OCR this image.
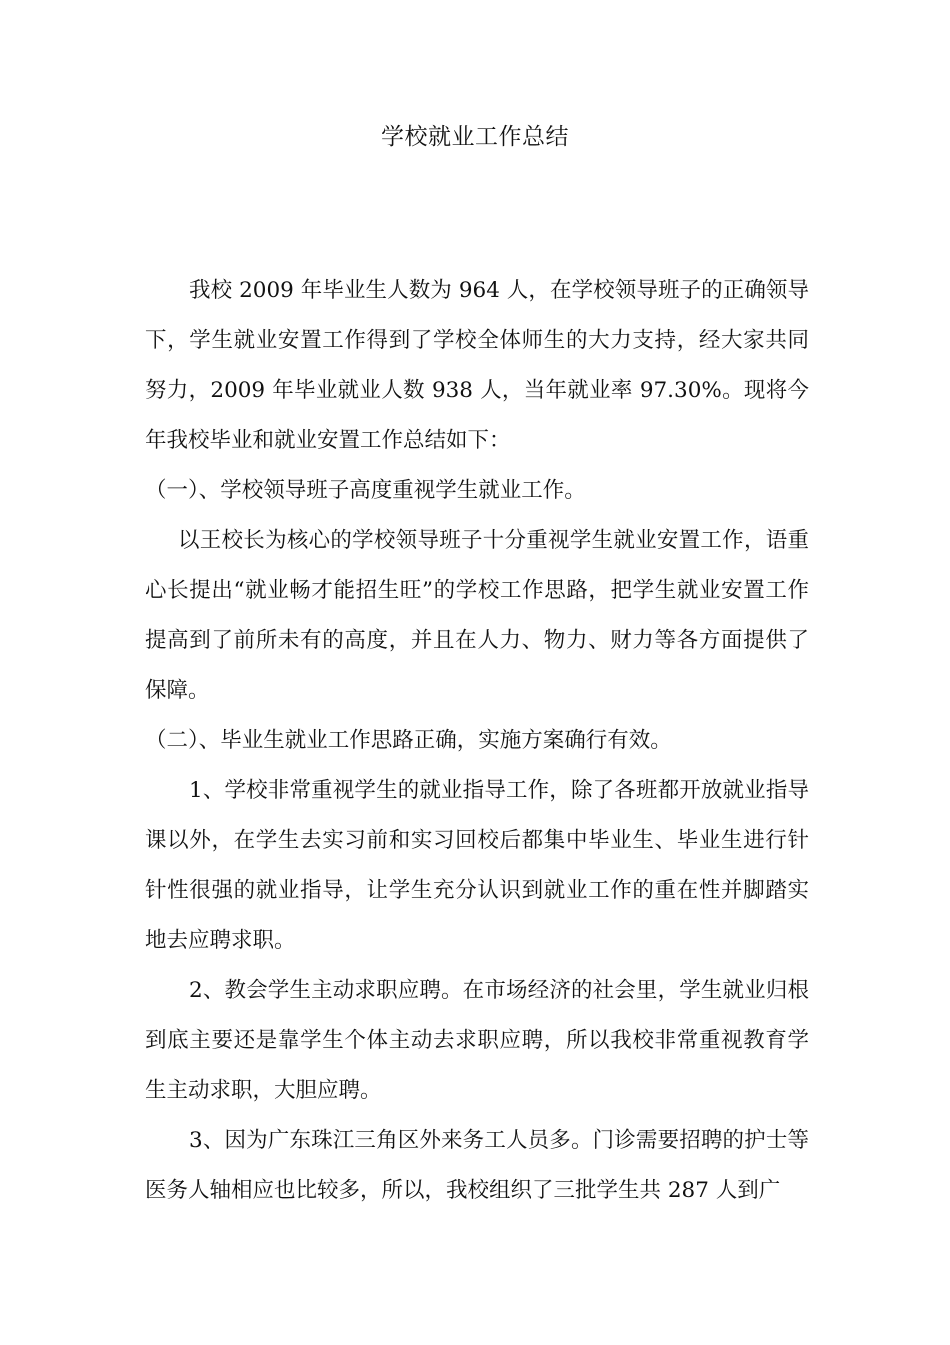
学校就业工作总结

我校 2009 年毕业生人数为 964 人，在学校领导班子的正确领导下，学生就业安置工作得到了学校全体师生的大力支持，经大家共同努力，2009 年毕业就业人数 938 人，当年就业率 97.30%。现将今年我校毕业和就业安置工作总结如下：

（一）、学校领导班子高度重视学生就业工作。

以王校长为核心的学校领导班子十分重视学生就业安置工作，语重心长提出“就业畅才能招生旺”的学校工作思路，把学生就业安置工作提高到了前所未有的高度，并且在人力、物力、财力等各方面提供了保障。

（二）、毕业生就业工作思路正确，实施方案确行有效。

1、学校非常重视学生的就业指导工作，除了各班都开放就业指导课以外，在学生去实习前和实习回校后都集中毕业生、毕业生进行针针性很强的就业指导，让学生充分认识到就业工作的重在性并脚踏实地去应聘求职。

2、教会学生主动求职应聘。在市场经济的社会里，学生就业归根到底主要还是靠学生个体主动去求职应聘，所以我校非常重视教育学生主动求职，大胆应聘。

3、因为广东珠江三角区外来务工人员多。门诊需要招聘的护士等医务人轴相应也比较多，所以，我校组织了三批学生共 287 人到广
